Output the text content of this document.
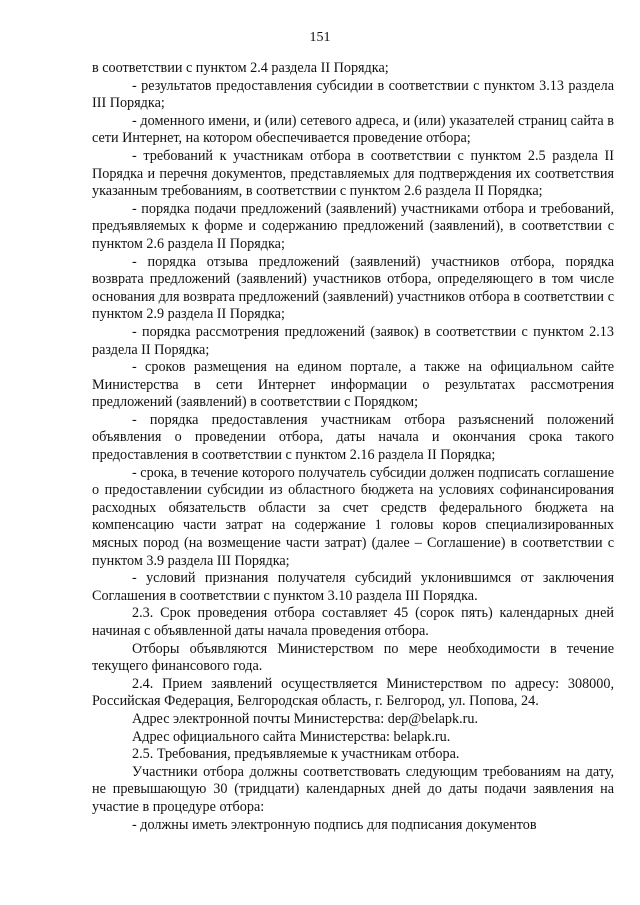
151

в соответствии с пунктом 2.4 раздела II Порядка;

- результатов предоставления субсидии в соответствии с пунктом 3.13 раздела III Порядка;

- доменного имени, и (или) сетевого адреса, и (или) указателей страниц сайта в сети Интернет, на котором обеспечивается проведение отбора;

- требований к участникам отбора в соответствии с пунктом 2.5 раздела II Порядка и перечня документов, представляемых для подтверждения их соответствия указанным требованиям, в соответствии с пунктом 2.6 раздела II Порядка;

- порядка подачи предложений (заявлений) участниками отбора и требований, предъявляемых к форме и содержанию предложений (заявлений), в соответствии с пунктом 2.6 раздела II Порядка;

- порядка отзыва предложений (заявлений) участников отбора, порядка возврата предложений (заявлений) участников отбора, определяющего в том числе основания для возврата предложений (заявлений) участников отбора в соответствии с пунктом 2.9 раздела II Порядка;

- порядка рассмотрения предложений (заявок) в соответствии с пунктом 2.13 раздела II Порядка;

- сроков размещения на едином портале, а также на официальном сайте Министерства в сети Интернет информации о результатах рассмотрения предложений (заявлений) в соответствии с Порядком;

- порядка предоставления участникам отбора разъяснений положений объявления о проведении отбора, даты начала и окончания срока такого предоставления в соответствии с пунктом 2.16 раздела II Порядка;

- срока, в течение которого получатель субсидии должен подписать соглашение о предоставлении субсидии из областного бюджета на условиях софинансирования расходных обязательств области за счет средств федерального бюджета на компенсацию части затрат на содержание 1 головы коров специализированных мясных пород (на возмещение части затрат) (далее – Соглашение) в соответствии с пунктом 3.9 раздела III Порядка;

- условий признания получателя субсидий уклонившимся от заключения Соглашения в соответствии с пунктом 3.10 раздела III Порядка.

2.3. Срок проведения отбора составляет 45 (сорок пять) календарных дней начиная с объявленной даты начала проведения отбора.

Отборы объявляются Министерством по мере необходимости в течение текущего финансового года.

2.4. Прием заявлений осуществляется Министерством по адресу: 308000, Российская Федерация, Белгородская область, г. Белгород, ул. Попова, 24.

Адрес электронной почты Министерства: dep@belapk.ru.

Адрес официального сайта Министерства: belapk.ru.

2.5. Требования, предъявляемые к участникам отбора.

Участники отбора должны соответствовать следующим требованиям на дату, не превышающую 30 (тридцати) календарных дней до даты подачи заявления на участие в процедуре отбора:

- должны иметь электронную подпись для подписания документов
